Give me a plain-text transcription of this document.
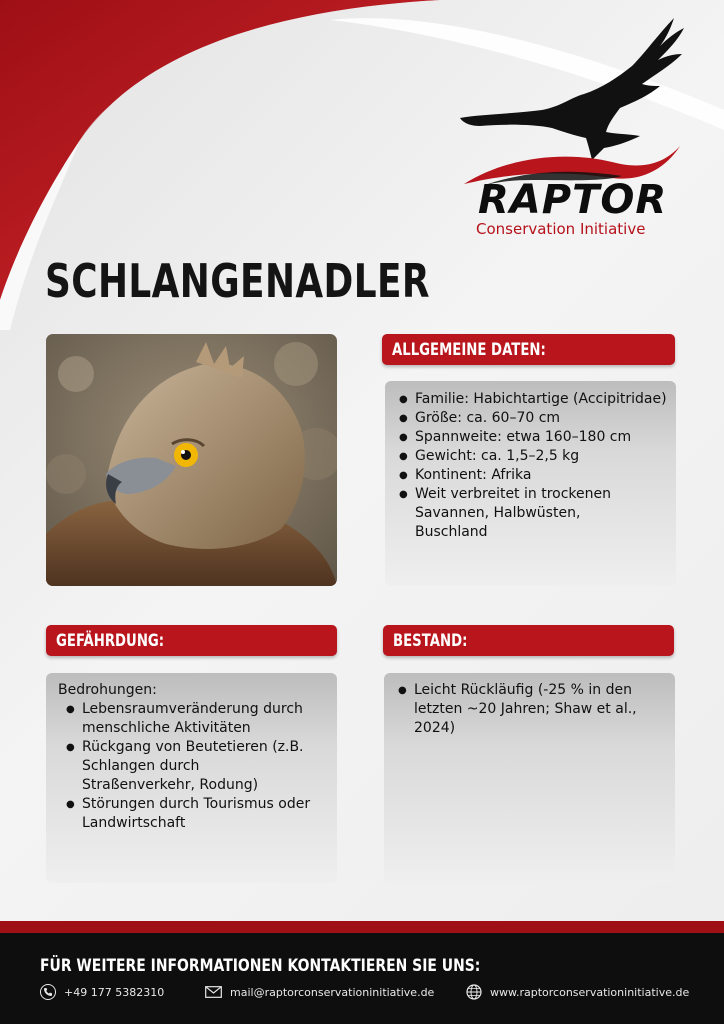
RAPTOR
Conservation Initiative
SCHLANGENADLER
ALLGEMEINE DATEN:
● Familie: Habichtartige (Accipitridae)
● Größe: ca. 60–70 cm
● Spannweite: etwa 160–180 cm
● Gewicht: ca. 1,5–2,5 kg
● Kontinent: Afrika
● Weit verbreitet in trockenen Savannen, Halbwüsten, Buschland
GEFÄHRDUNG:
Bedrohungen:
● Lebensraumveränderung durch menschliche Aktivitäten
● Rückgang von Beutetieren (z.B. Schlangen durch Straßenverkehr, Rodung)
● Störungen durch Tourismus oder Landwirtschaft
BESTAND:
● Leicht Rückläufig (-25 % in den letzten ~20 Jahren; Shaw et al., 2024)
FÜR WEITERE INFORMATIONEN KONTAKTIEREN SIE UNS:
+49 177 5382310	mail@raptorconservationinitiative.de	www.raptorconservationinitiative.de
